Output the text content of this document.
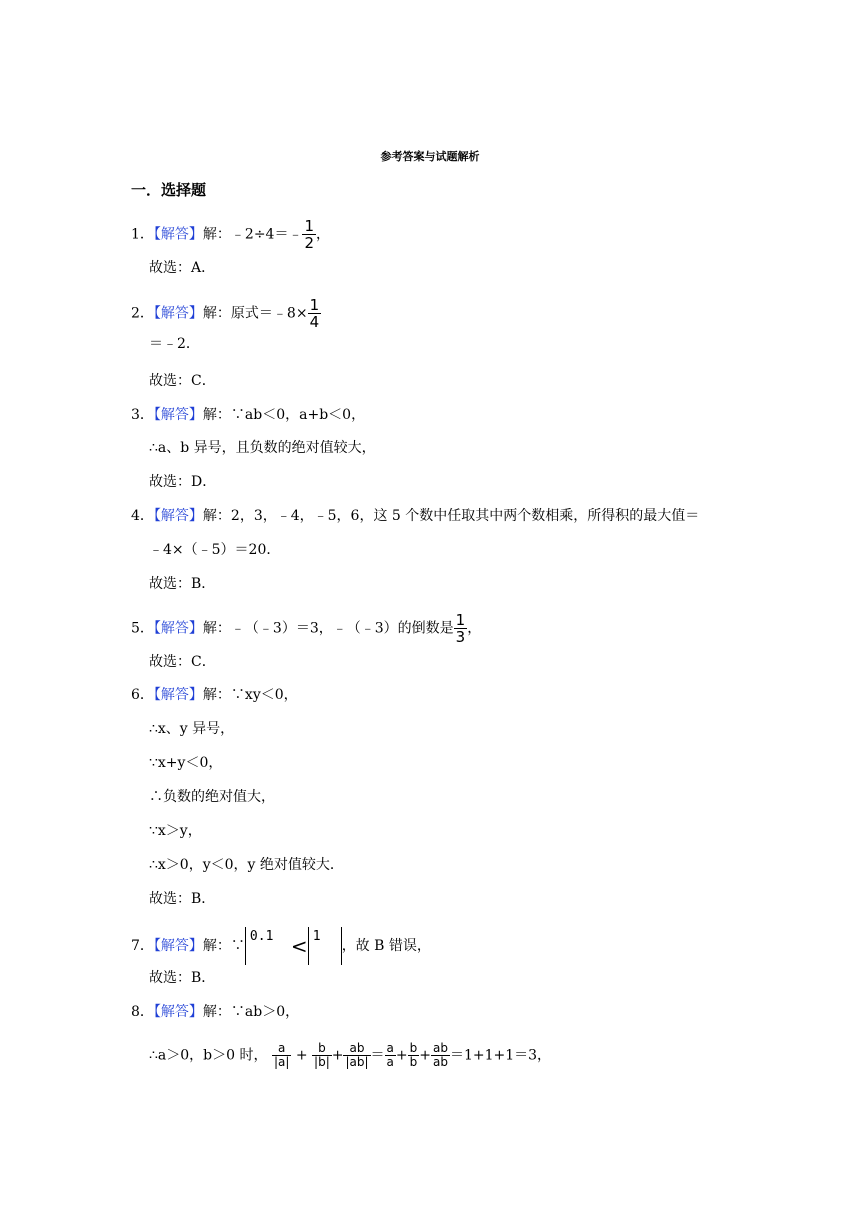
参考答案与试题解析
一．选择题
1．【解答】解：﹣2÷4＝﹣ $\frac{1}{2}$ ，
故选：A．
2．【解答】解：原式＝﹣8× $\frac{1}{4}$
＝﹣2．
故选：C．
3．【解答】解：∵ab＜0，a+b＜0，
∴a、b 异号，且负数的绝对值较大，
故选：D．
4．【解答】解：2，3，﹣4，﹣5，6，这 5 个数中任取其中两个数相乘，所得积的最大值＝
﹣4×（﹣5）＝20．
故选：B．
5．【解答】解：﹣（﹣3）＝3，﹣（﹣3）的倒数是 $\frac{1}{3}$ ，
故选：C．
6．【解答】解：∵xy＜0，
∴x、y 异号，
∵x+y＜0，
∴负数的绝对值大，
∵x＞y，
∴x＞0，y＜0，y 绝对值较大．
故选：B．
7．【解答】解：∵0.1 < 1，故 B 错误，
故选：B．
8．【解答】解：∵ab＞0，
∴a＞0，b＞0 时， $\frac{a}{|a|} + \frac{b}{|b|} + \frac{ab}{|ab|} = \frac{a}{a} + \frac{b}{b} + \frac{ab}{ab} =1+1+1=3$，
